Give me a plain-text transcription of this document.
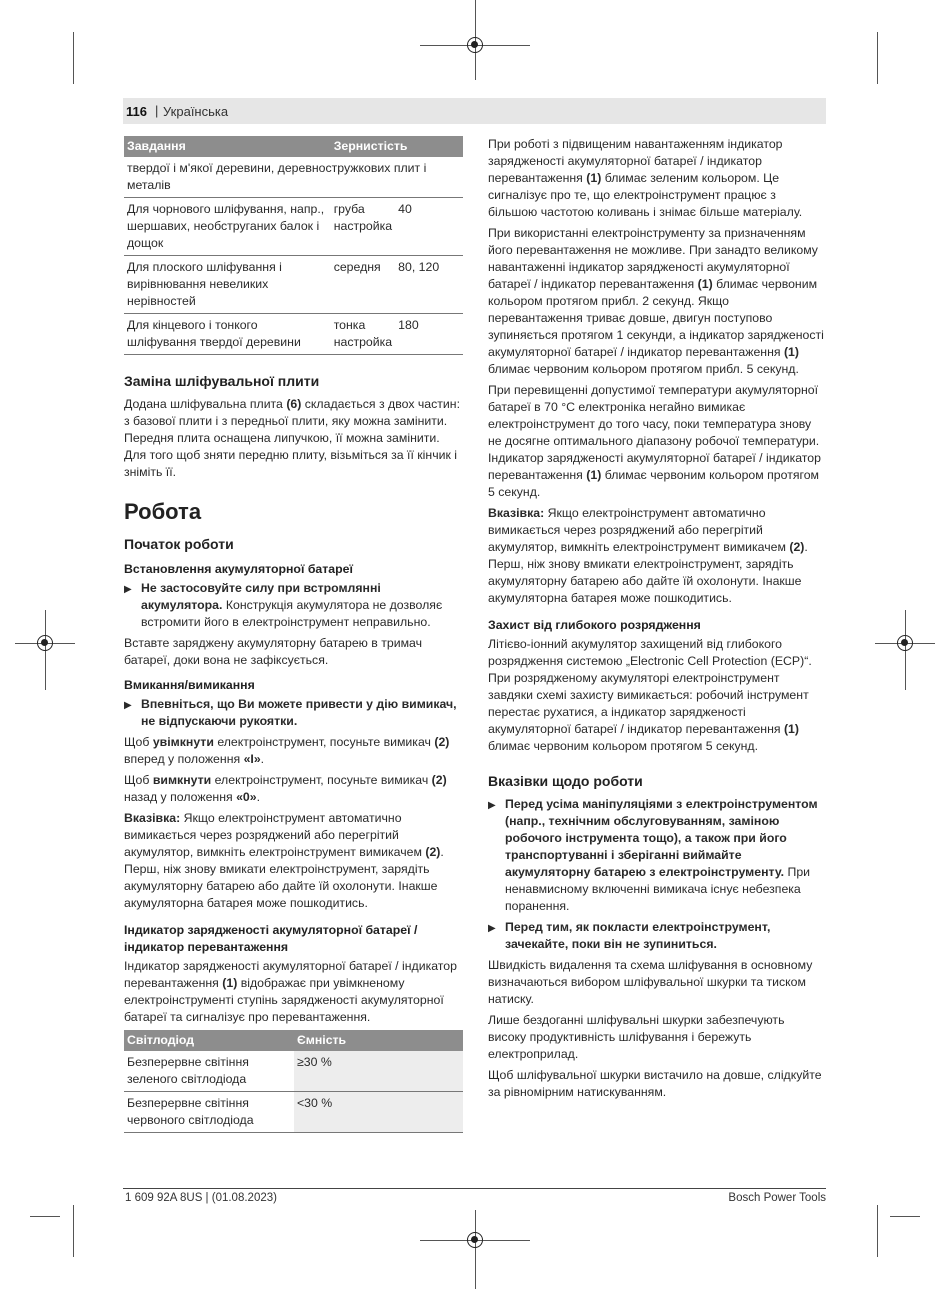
116 | Українська
Завдання	Зернистість	
твердої і м'якої деревини, деревностружкових плит і металів		
Для чорнового шліфування, напр., шершавих, необструганих балок і дощок	груба настройка	40
Для плоского шліфування і вирівнювання невеликих нерівностей	середня	80, 120
Для кінцевого і тонкого шліфування твердої деревини	тонка настройка	180
Заміна шліфувальної плити

Додана шліфувальна плита (6) складається з двох частин: з базової плити і з передньої плити, яку можна замінити. Передня плита оснащена липучкою, її можна замінити. Для того щоб зняти передню плиту, візьміться за її кінчик і зніміть її.

Робота
Початок роботи
Встановлення акумуляторної батареї
▶ Не застосовуйте силу при встромлянні акумулятора. Конструкція акумулятора не дозволяє встромити його в електроінструмент неправильно.

Вставте заряджену акумуляторну батарею в тримач батареї, доки вона не зафіксується.

Вмикання/вимикання
▶ Впевніться, що Ви можете привести у дію вимикач, не відпускаючи рукоятки.

Щоб увімкнути електроінструмент, посуньте вимикач (2) вперед у положення «I».

Щоб вимкнути електроінструмент, посуньте вимикач (2) назад у положення «0».

Вказівка: Якщо електроінструмент автоматично вимикається через розряджений або перегрітий акумулятор, вимкніть електроінструмент вимикачем (2). Перш, ніж знову вмикати електроінструмент, зарядіть акумуляторну батарею або дайте їй охолонути. Інакше акумуляторна батарея може пошкодитись.

Індикатор зарядженості акумуляторної батареї / індикатор перевантаження

Індикатор зарядженості акумуляторної батареї / індикатор перевантаження (1) відображає при увімкненому електроінструменті ступінь зарядженості акумуляторної батареї та сигналізує про перевантаження.

Світлодіод	Ємність
Безперервне світіння зеленого світлодіода	≥30 %
Безперервне світіння червоного світлодіода	<30 %

При роботі з підвищеним навантаженням індикатор зарядженості акумуляторної батареї / індикатор перевантаження (1) блимає зеленим кольором. Це сигналізує про те, що електроінструмент працює з більшою частотою коливань і знімає більше матеріалу.

При використанні електроінструменту за призначенням його перевантаження не можливе. При занадто великому навантаженні індикатор зарядженості акумуляторної батареї / індикатор перевантаження (1) блимає червоним кольором протягом прибл. 2 секунд. Якщо перевантаження триває довше, двигун поступово зупиняється протягом 1 секунди, а індикатор зарядженості акумуляторної батареї / індикатор перевантаження (1) блимає червоним кольором протягом прибл. 5 секунд.

При перевищенні допустимої температури акумуляторної батареї в 70 °C електроніка негайно вимикає електроінструмент до того часу, поки температура знову не досягне оптимального діапазону робочої температури. Індикатор зарядженості акумуляторної батареї / індикатор перевантаження (1) блимає червоним кольором протягом 5 секунд.

Вказівка: Якщо електроінструмент автоматично вимикається через розряджений або перегрітий акумулятор, вимкніть електроінструмент вимикачем (2). Перш, ніж знову вмикати електроінструмент, зарядіть акумуляторну батарею або дайте їй охолонути. Інакше акумуляторна батарея може пошкодитись.

Захист від глибокого розрядження

Літієво-іонний акумулятор захищений від глибокого розрядження системою „Electronic Cell Protection (ECP)“. При розрядженому акумуляторі електроінструмент завдяки схемі захисту вимикається: робочий інструмент перестає рухатися, а індикатор зарядженості акумуляторної батареї / індикатор перевантаження (1) блимає червоним кольором протягом 5 секунд.

Вказівки щодо роботи
▶ Перед усіма маніпуляціями з електроінструментом (напр., технічним обслуговуванням, заміною робочого інструмента тощо), а також при його транспортуванні і зберіганні виймайте акумуляторну батарею з електроінструменту. При ненавмисному включенні вимикача існує небезпека поранення.
▶ Перед тим, як покласти електроінструмент, зачекайте, поки він не зупиниться.

Швидкість видалення та схема шліфування в основному визначаються вибором шліфувальної шкурки та тиском натиску.

Лише бездоганні шліфувальні шкурки забезпечують високу продуктивність шліфування і бережуть електроприлад.

Щоб шліфувальної шкурки вистачило на довше, слідкуйте за рівномірним натискуванням.

1 609 92A 8US | (01.08.2023)	Bosch Power Tools
